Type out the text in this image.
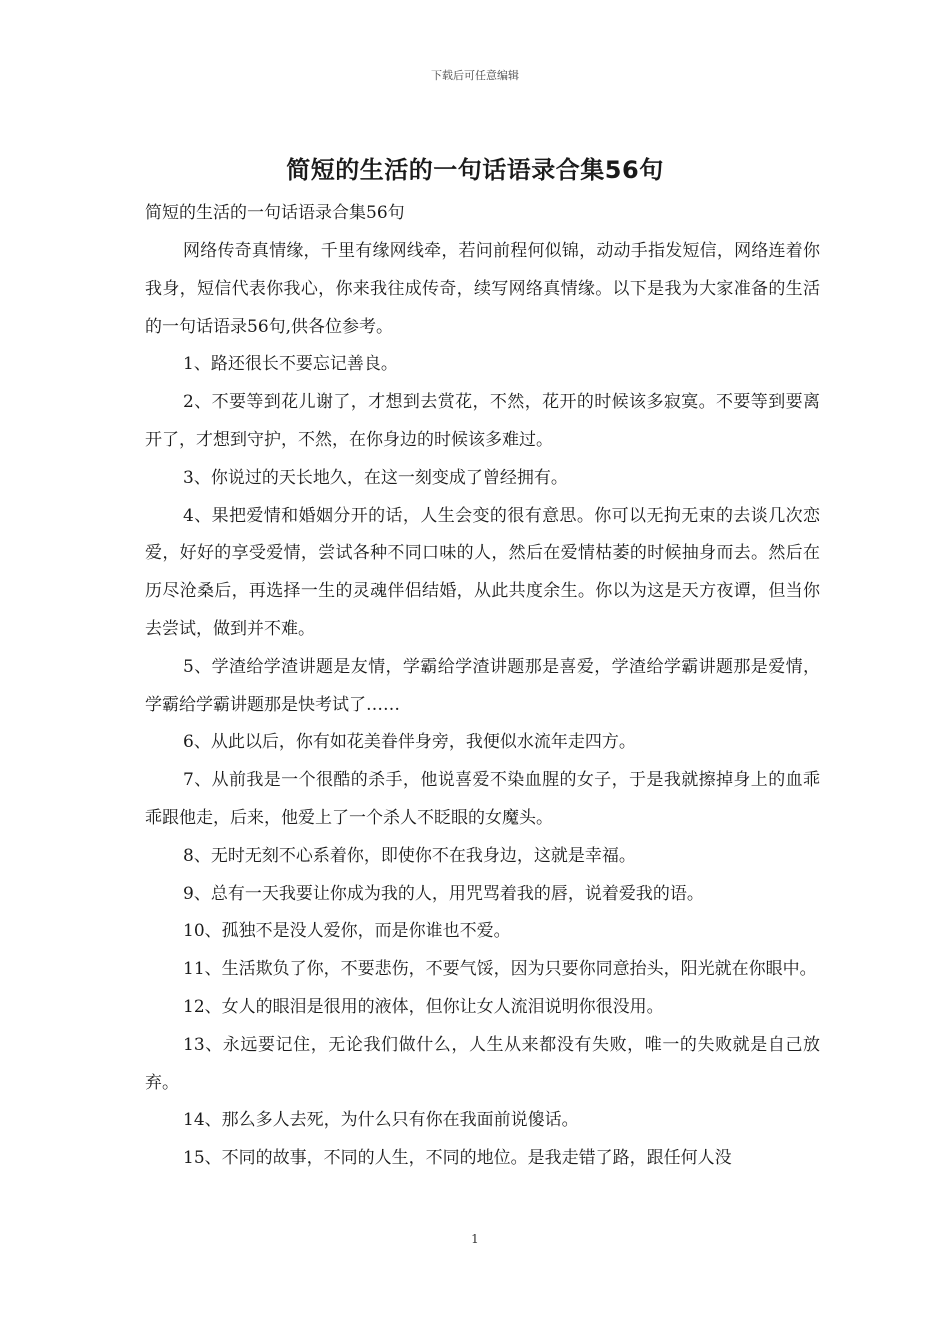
下载后可任意编辑
简短的生活的一句话语录合集56句

简短的生活的一句话语录合集56句

网络传奇真情缘，千里有缘网线牵，若问前程何似锦，动动手指发短信，网络连着你我身，短信代表你我心，你来我往成传奇，续写网络真情缘。以下是我为大家准备的生活的一句话语录56句,供各位参考。

1、路还很长不要忘记善良。

2、不要等到花儿谢了，才想到去赏花，不然，花开的时候该多寂寞。不要等到要离开了，才想到守护，不然，在你身边的时候该多难过。

3、你说过的天长地久，在这一刻变成了曾经拥有。

4、果把爱情和婚姻分开的话，人生会变的很有意思。你可以无拘无束的去谈几次恋爱，好好的享受爱情，尝试各种不同口味的人，然后在爱情枯萎的时候抽身而去。然后在历尽沧桑后，再选择一生的灵魂伴侣结婚，从此共度余生。你以为这是天方夜谭，但当你去尝试，做到并不难。

5、学渣给学渣讲题是友情，学霸给学渣讲题那是喜爱，学渣给学霸讲题那是爱情，学霸给学霸讲题那是快考试了……

6、从此以后，你有如花美眷伴身旁，我便似水流年走四方。

7、从前我是一个很酷的杀手，他说喜爱不染血腥的女子，于是我就擦掉身上的血乖乖跟他走，后来，他爱上了一个杀人不眨眼的女魔头。

8、无时无刻不心系着你，即使你不在我身边，这就是幸福。

9、总有一天我要让你成为我的人，用咒骂着我的唇，说着爱我的语。

10、孤独不是没人爱你，而是你谁也不爱。

11、生活欺负了你，不要悲伤，不要气馁，因为只要你同意抬头，阳光就在你眼中。

12、女人的眼泪是很用的液体，但你让女人流泪说明你很没用。

13、永远要记住，无论我们做什么，人生从来都没有失败，唯一的失败就是自己放弃。

14、那么多人去死，为什么只有你在我面前说傻话。

15、不同的故事，不同的人生，不同的地位。是我走错了路，跟任何人没

1
